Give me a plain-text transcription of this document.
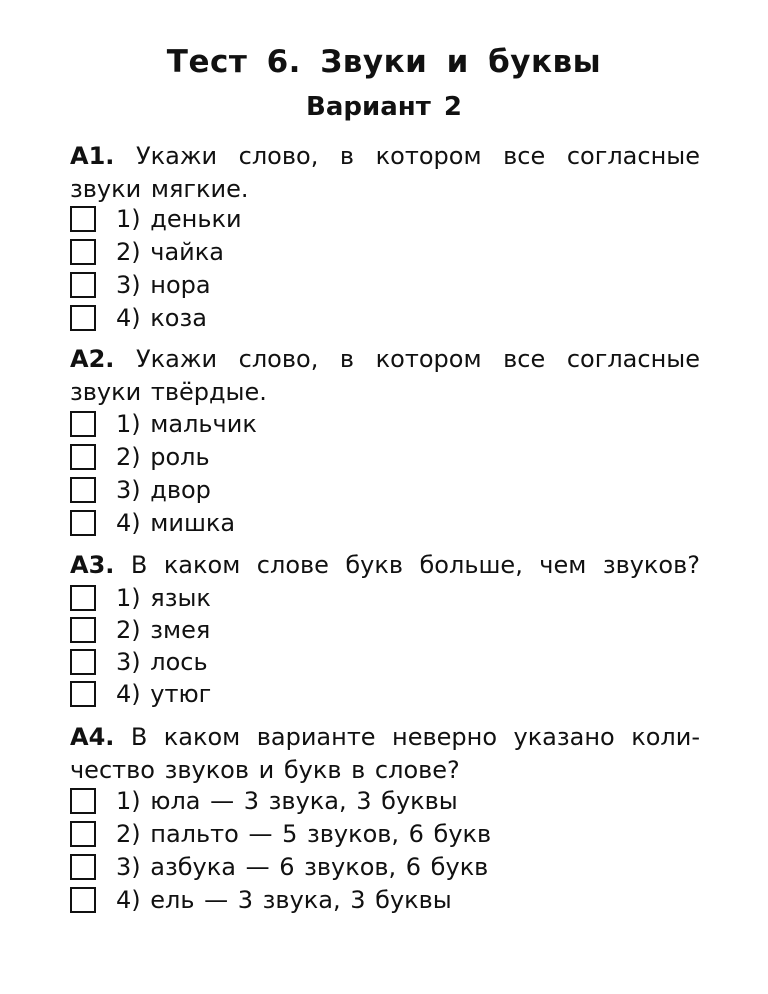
Тест 6. Звуки и буквы
Вариант 2
А1. Укажи слово, в котором все согласные звуки мягкие.
1) деньки
2) чайка
3) нора
4) коза
А2. Укажи слово, в котором все согласные звуки твёрдые.
1) мальчик
2) роль
3) двор
4) мишка
А3. В каком слове букв больше, чем звуков?
1) язык
2) змея
3) лось
4) утюг
А4. В каком варианте неверно указано коли-чество звуков и букв в слове?
1) юла — 3 звука, 3 буквы
2) пальто — 5 звуков, 6 букв
3) азбука — 6 звуков, 6 букв
4) ель — 3 звука, 3 буквы
